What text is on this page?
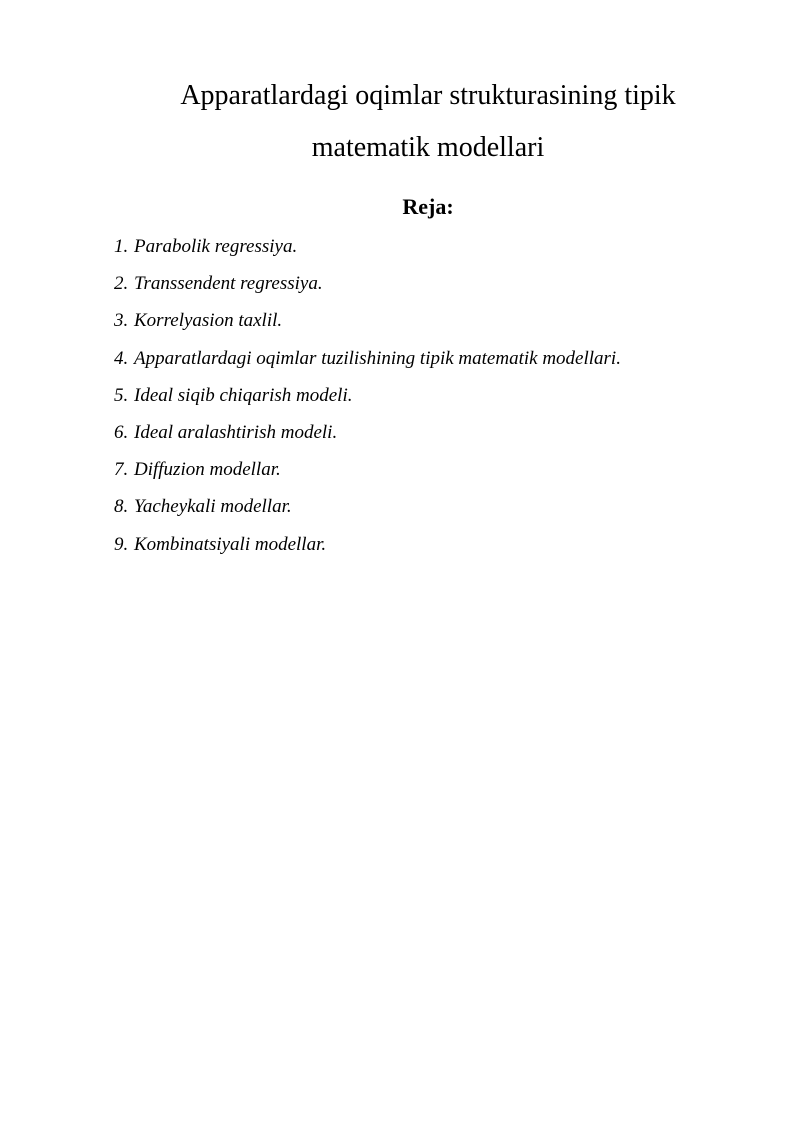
Apparatlardagi oqimlar strukturasining tipik
matematik modellari
Reja:
1. Parabolik regressiya.
2. Transsendent regressiya.
3. Korrelyasion taxlil.
4. Apparatlardagi oqimlar tuzilishining tipik matematik modellari.
5. Ideal siqib chiqarish modeli.
6. Ideal aralashtirish modeli.
7. Diffuzion modellar.
8. Yacheykali modellar.
9. Kombinatsiyali modellar.
